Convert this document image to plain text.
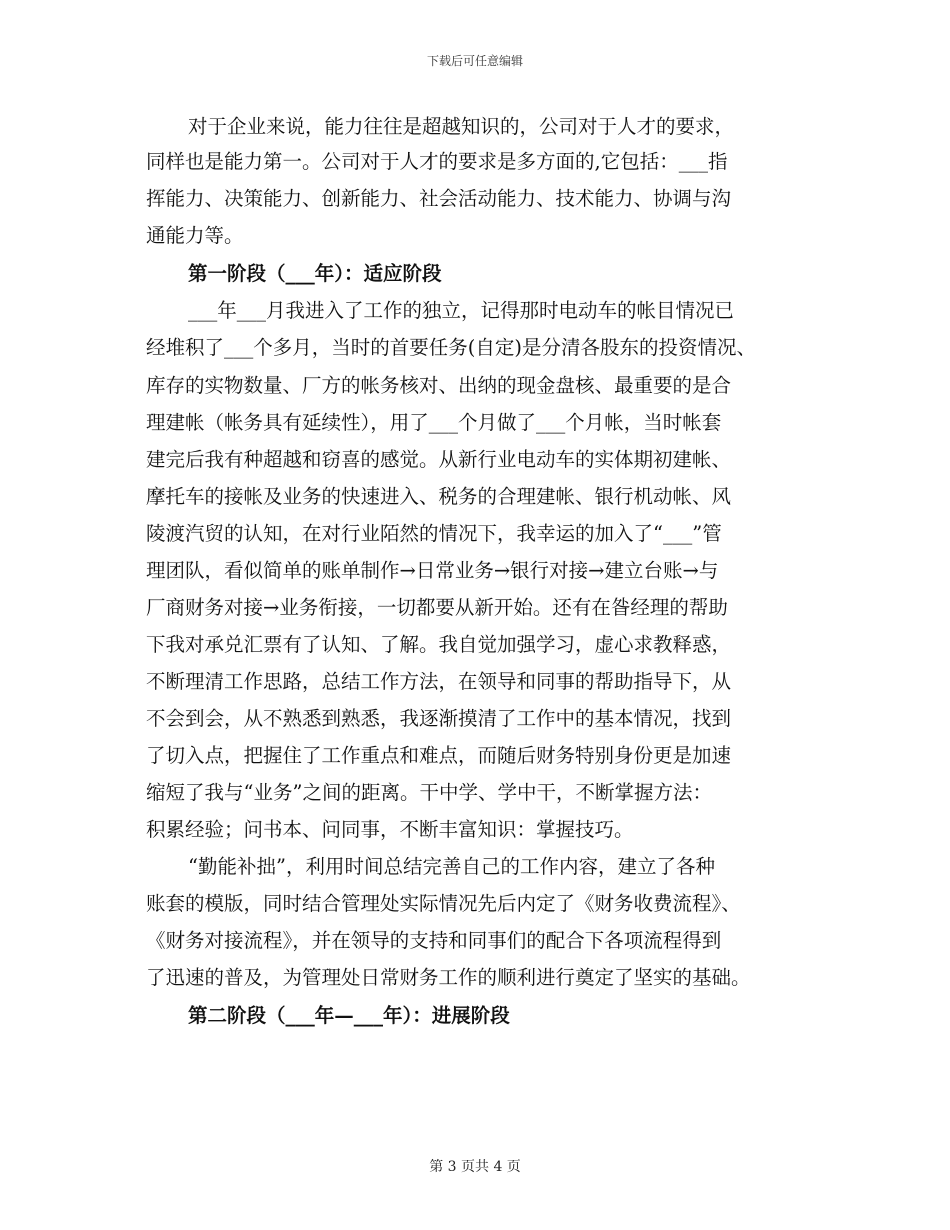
下载后可任意编辑
对于企业来说，能力往往是超越知识的，公司对于人才的要求，
同样也是能力第一。公司对于人才的要求是多方面的,它包括：___指
挥能力、决策能力、创新能力、社会活动能力、技术能力、协调与沟
通能力等。
第一阶段（___年）：适应阶段
___年___月我进入了工作的独立，记得那时电动车的帐目情况已
经堆积了___个多月，当时的首要任务(自定)是分清各股东的投资情况、
库存的实物数量、厂方的帐务核对、出纳的现金盘核、最重要的是合
理建帐（帐务具有延续性），用了___个月做了___个月帐，当时帐套
建完后我有种超越和窃喜的感觉。从新行业电动车的实体期初建帐、
摩托车的接帐及业务的快速进入、税务的合理建帐、银行机动帐、风
陵渡汽贸的认知，在对行业陌然的情况下，我幸运的加入了“___”管
理团队，看似简单的账单制作→日常业务→银行对接→建立台账→与
厂商财务对接→业务衔接，一切都要从新开始。还有在昝经理的帮助
下我对承兑汇票有了认知、了解。我自觉加强学习，虚心求教释惑，
不断理清工作思路，总结工作方法，在领导和同事的帮助指导下，从
不会到会，从不熟悉到熟悉，我逐渐摸清了工作中的基本情况，找到
了切入点，把握住了工作重点和难点，而随后财务特别身份更是加速
缩短了我与“业务”之间的距离。干中学、学中干，不断掌握方法：
积累经验；问书本、问同事，不断丰富知识：掌握技巧。
“勤能补拙”，利用时间总结完善自己的工作内容，建立了各种
账套的模版，同时结合管理处实际情况先后内定了《财务收费流程》、
《财务对接流程》，并在领导的支持和同事们的配合下各项流程得到
了迅速的普及，为管理处日常财务工作的顺利进行奠定了坚实的基础。
第二阶段（___年—___年）：进展阶段
第 3 页共 4 页
